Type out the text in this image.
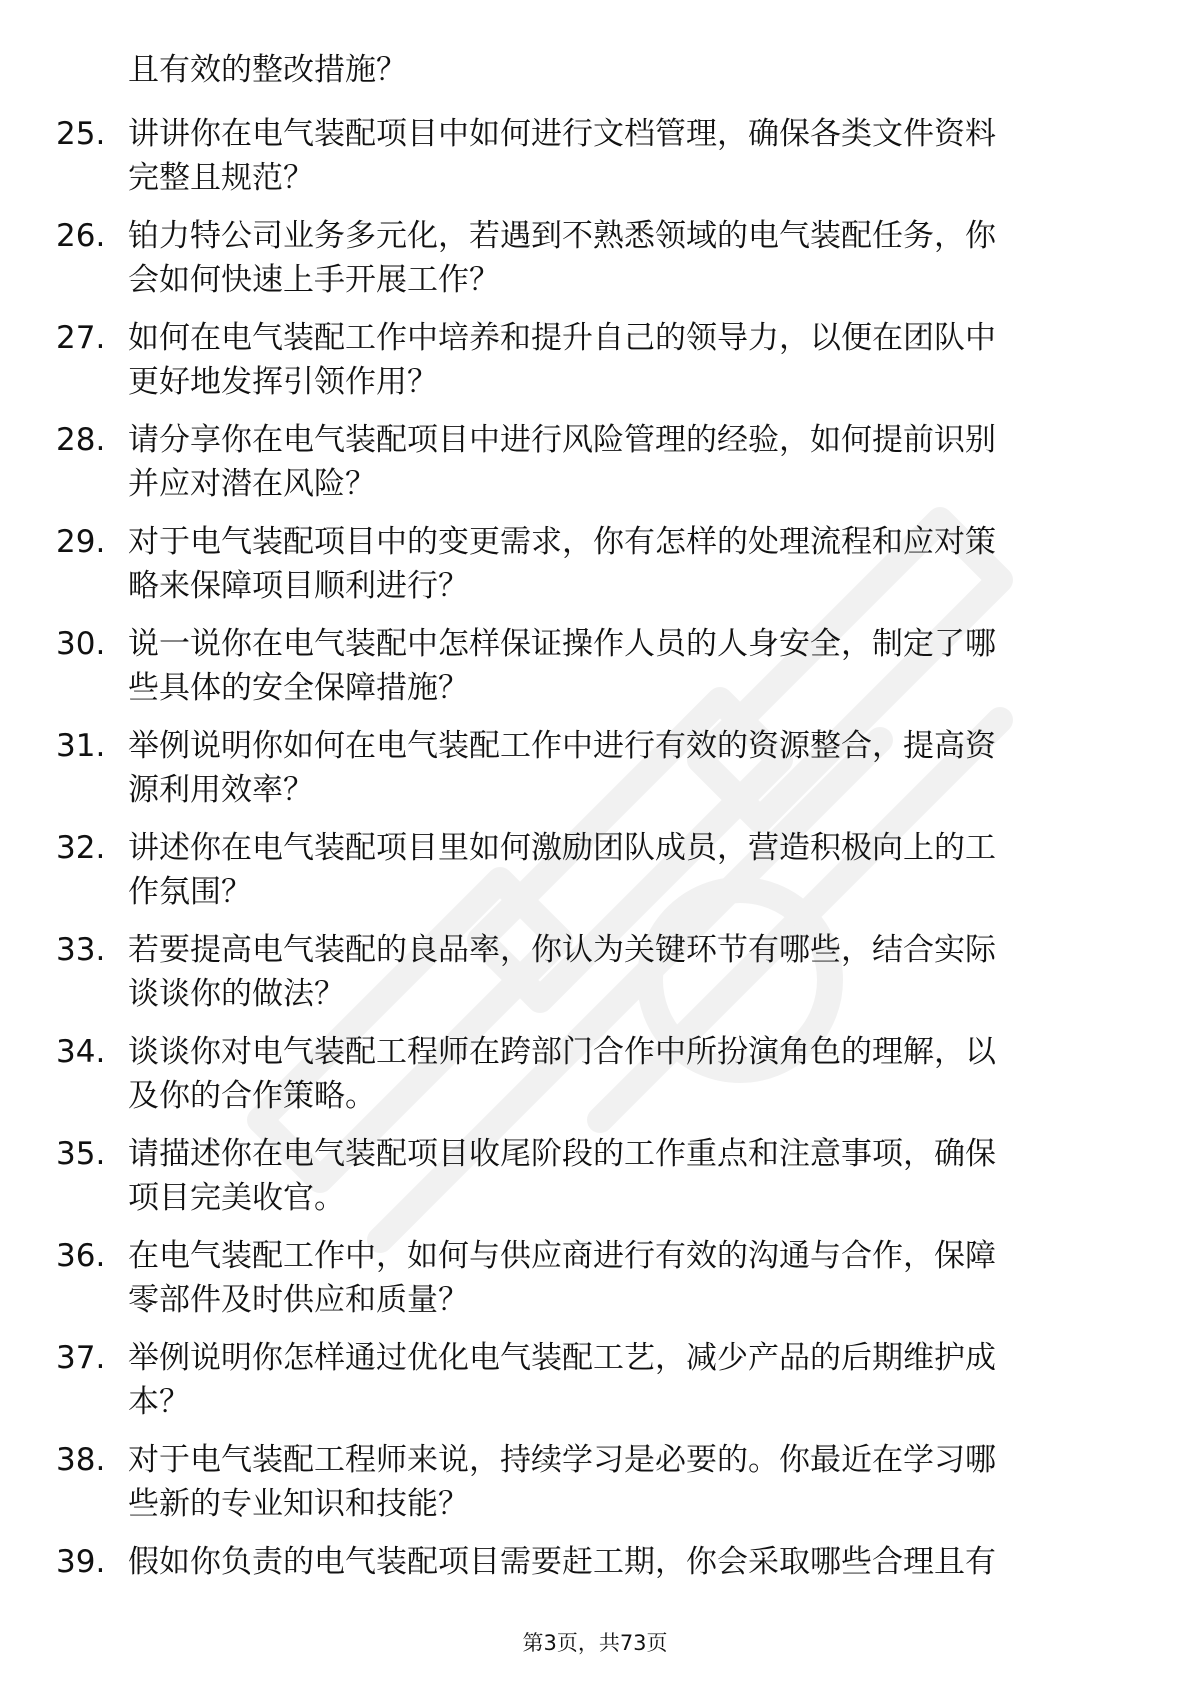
且有效的整改措施？
25. 讲讲你在电气装配项目中如何进行文档管理，确保各类文件资料
完整且规范？
26. 铂力特公司业务多元化，若遇到不熟悉领域的电气装配任务，你
会如何快速上手开展工作？
27. 如何在电气装配工作中培养和提升自己的领导力，以便在团队中
更好地发挥引领作用？
28. 请分享你在电气装配项目中进行风险管理的经验，如何提前识别
并应对潜在风险？
29. 对于电气装配项目中的变更需求，你有怎样的处理流程和应对策
略来保障项目顺利进行？
30. 说一说你在电气装配中怎样保证操作人员的人身安全，制定了哪
些具体的安全保障措施？
31. 举例说明你如何在电气装配工作中进行有效的资源整合，提高资
源利用效率？
32. 讲述你在电气装配项目里如何激励团队成员，营造积极向上的工
作氛围？
33. 若要提高电气装配的良品率，你认为关键环节有哪些，结合实际
谈谈你的做法？
34. 谈谈你对电气装配工程师在跨部门合作中所扮演角色的理解，以
及你的合作策略。
35. 请描述你在电气装配项目收尾阶段的工作重点和注意事项，确保
项目完美收官。
36. 在电气装配工作中，如何与供应商进行有效的沟通与合作，保障
零部件及时供应和质量？
37. 举例说明你怎样通过优化电气装配工艺，减少产品的后期维护成
本？
38. 对于电气装配工程师来说，持续学习是必要的。你最近在学习哪
些新的专业知识和技能？
39. 假如你负责的电气装配项目需要赶工期，你会采取哪些合理且有
第3页，共73页
